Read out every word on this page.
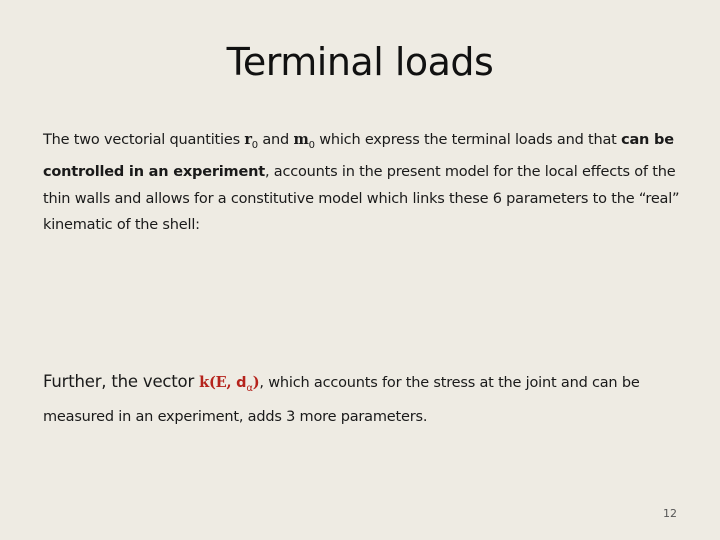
Terminal loads
The two vectorial quantities $r_0$ and $m_0$ which express the terminal loads and that can be controlled in an experiment, accounts in the present model for the local effects of the thin walls and allows for a constitutive model which links these 6 parameters to the “real” kinematic of the shell:
Further, the vector k(E, $d_\alpha$), which accounts for the stress at the joint and can be measured in an experiment, adds 3 more parameters.
12
